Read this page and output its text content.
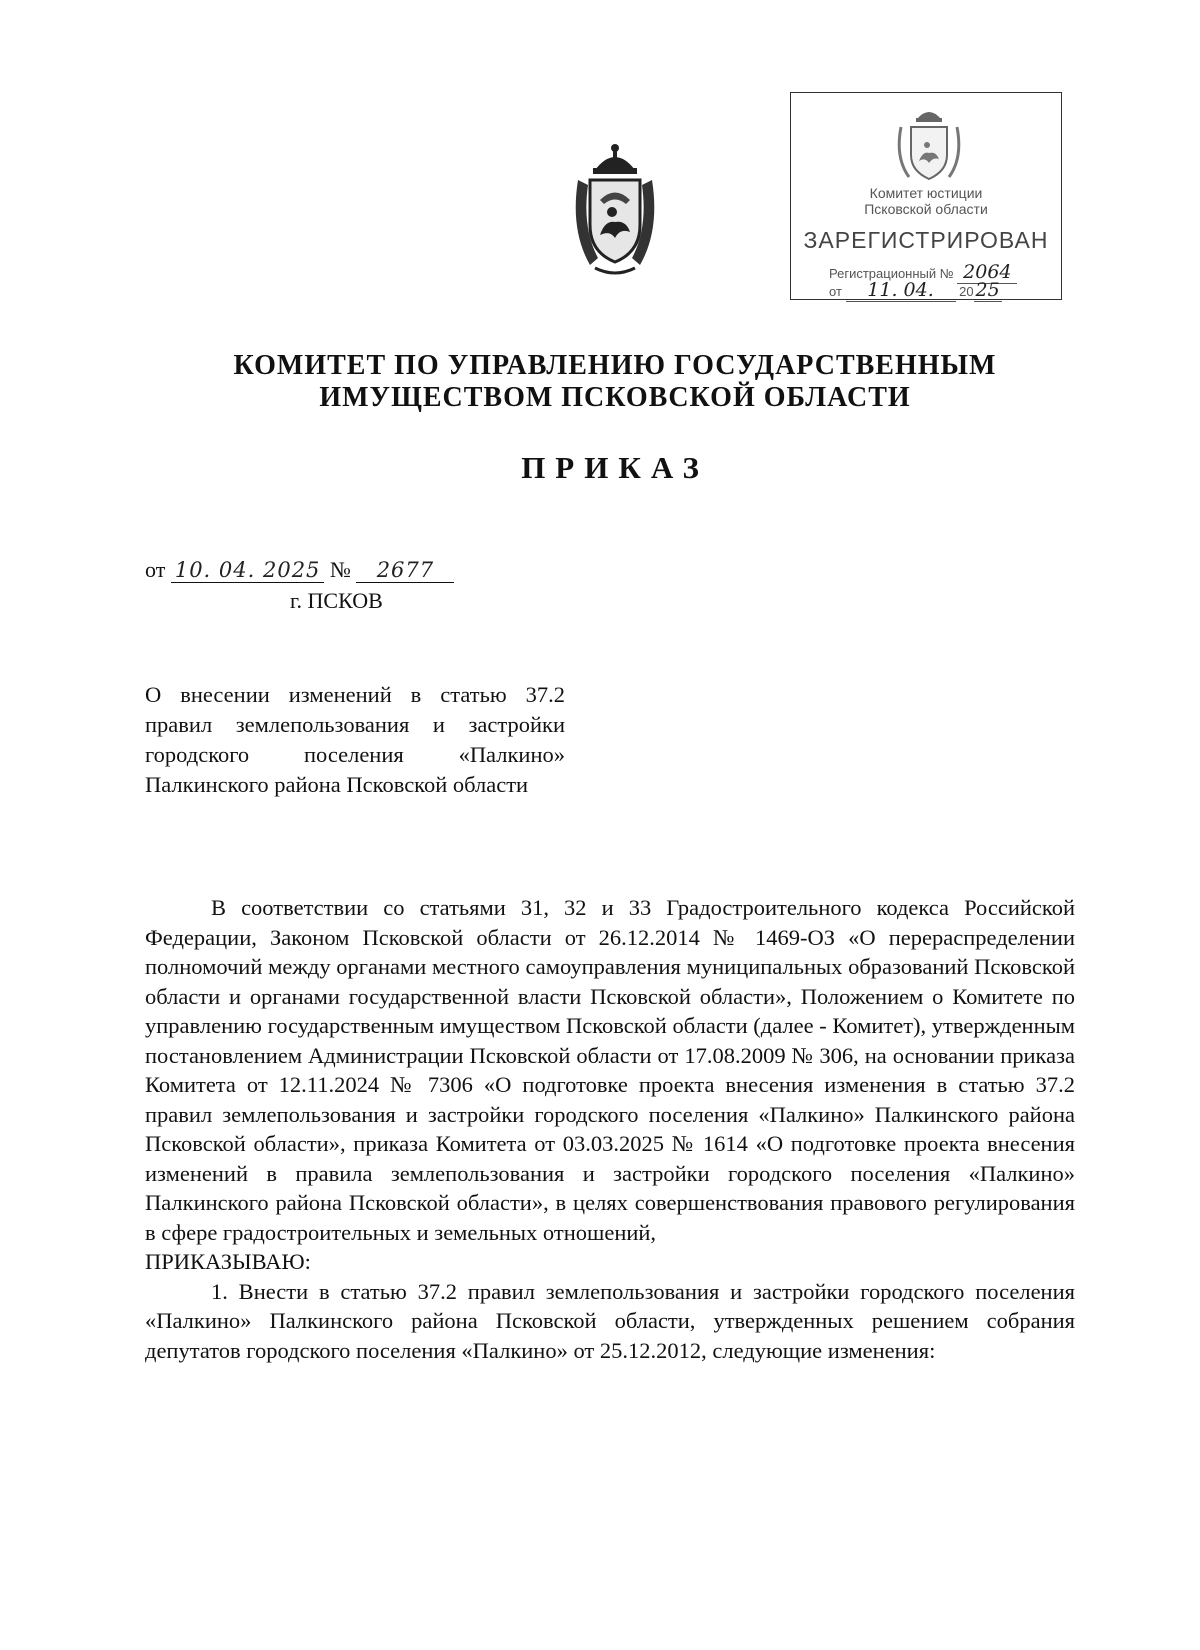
Комитет юстиции
Псковской области
ЗАРЕГИСТРИРОВАН
Регистрационный № 2064
от 11. 04. 20 25
КОМИТЕТ ПО УПРАВЛЕНИЮ ГОСУДАРСТВЕННЫМ
ИМУЩЕСТВОМ ПСКОВСКОЙ ОБЛАСТИ
ПРИКАЗ
от 10. 04. 2025 № 2677
г. ПСКОВ
О внесении изменений в статью 37.2 правил землепользования и застройки городского поселения «Палкино» Палкинского района Псковской области

В соответствии со статьями 31, 32 и 33 Градостроительного кодекса Российской Федерации, Законом Псковской области от 26.12.2014 № 1469-ОЗ «О перераспределении полномочий между органами местного самоуправления муниципальных образований Псковской области и органами государственной власти Псковской области», Положением о Комитете по управлению государственным имуществом Псковской области (далее - Комитет), утвержденным постановлением Администрации Псковской области от 17.08.2009 № 306, на основании приказа Комитета от 12.11.2024 № 7306 «О подготовке проекта внесения изменения в статью 37.2 правил землепользования и застройки городского поселения «Палкино» Палкинского района Псковской области», приказа Комитета от 03.03.2025 № 1614 «О подготовке проекта внесения изменений в правила землепользования и застройки городского поселения «Палкино» Палкинского района Псковской области», в целях совершенствования правового регулирования в сфере градостроительных и земельных отношений,

ПРИКАЗЫВАЮ:

1. Внести в статью 37.2 правил землепользования и застройки городского поселения «Палкино» Палкинского района Псковской области, утвержденных решением собрания депутатов городского поселения «Палкино» от 25.12.2012, следующие изменения:
